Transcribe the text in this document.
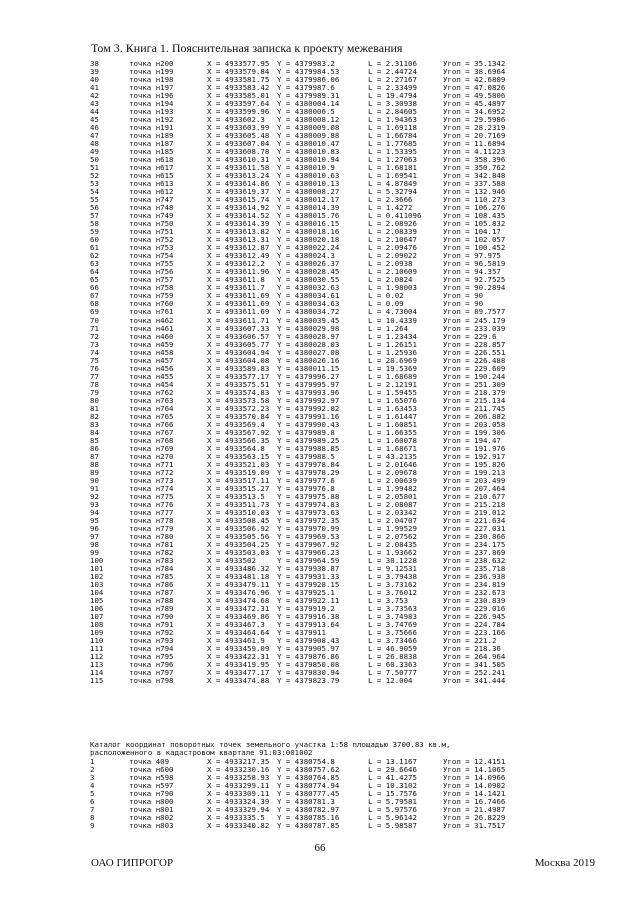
Том 3. Книга 1. Пояснительная записка к проекту межевания
38	точка н200	X = 4933577.95 Y = 4379983.2	L = 2.31106	Угол = 35.1342
39	точка н199	X = 4933579.84 Y = 4379984.53	L = 2.44724	Угол = 38.6964
40	точка н198	X = 4933581.75 Y = 4379986.06	L = 2.27167	Угол = 42.6809
41	точка н197	X = 4933583.42 Y = 4379987.6	L = 2.33499	Угол = 47.0826
42	точка н196	X = 4933585.01 Y = 4379989.31	L = 19.4794	Угол = 49.5806
43	точка н194	X = 4933597.64 Y = 4380004.14	L = 3.30938	Угол = 45.4897
44	точка н193	X = 4933599.96 Y = 4380006.5	L = 2.84605	Угол = 34.6952
45	точка н192	X = 4933602.3 Y = 4380008.12	L = 1.94363	Угол = 29.5986
46	точка н191	X = 4933603.99 Y = 4380009.08	L = 1.69118	Угол = 28.2319
47	точка н189	X = 4933605.48 Y = 4380009.88	L = 1.66784	Угол = 20.7169
48	точка н187	X = 4933607.04 Y = 4380010.47	L = 1.77685	Угол = 11.6894
49	точка н185	X = 4933608.78 Y = 4380010.83	L = 1.53395	Угол = 4.11223
50	точка н618	X = 4933610.31 Y = 4380010.94	L = 1.27063	Угол = 358.396
51	точка н617	X = 4933611.58 Y = 4380010.9	L = 1.68181	Угол = 350.762
52	точка н615	X = 4933613.24 Y = 4380010.63	L = 1.69541	Угол = 342.848
53	точка н613	X = 4933614.86 Y = 4380010.13	L = 4.87849	Угол = 337.588
54	точка н612	X = 4933619.37 Y = 4380008.27	L = 5.32794	Угол = 132.946
55	точка н747	X = 4933615.74 Y = 4380012.17	L = 2.3666	Угол = 110.273
56	точка н748	X = 4933614.92 Y = 4380014.39	L = 1.4272	Угол = 106.276
57	точка н749	X = 4933614.52 Y = 4380015.76	L = 0.411096	Угол = 108.435
58	точка н750	X = 4933614.39 Y = 4380016.15	L = 2.08926	Угол = 105.832
59	точка н751	X = 4933613.82 Y = 4380018.16	L = 2.08339	Угол = 104.17
60	точка н752	X = 4933613.31 Y = 4380020.18	L = 2.10647	Угол = 102.057
61	точка н753	X = 4933612.87 Y = 4380022.24	L = 2.09476	Угол = 100.452
62	точка н754	X = 4933612.49 Y = 4380024.3	L = 2.09022	Угол = 97.975
63	точка н755	X = 4933612.2 Y = 4380026.37	L = 2.0938	Угол = 96.5819
64	точка н756	X = 4933611.96 Y = 4380028.45	L = 2.10609	Угол = 94.357
65	точка н757	X = 4933611.8 Y = 4380030.55	L = 2.0824	Угол = 92.7525
66	точка н758	X = 4933611.7 Y = 4380032.63	L = 1.98003	Угол = 90.2894
67	точка н759	X = 4933611.69 Y = 4380034.61	L = 0.02	Угол = 90
68	точка н760	X = 4933611.69 Y = 4380034.63	L = 0.09	Угол = 90
69	точка н761	X = 4933611.69 Y = 4380034.72	L = 4.73004	Угол = 89.7577
70	точка н462	X = 4933611.71 Y = 4380039.45	L = 10.4339	Угол = 245.179
71	точка н461	X = 4933607.33 Y = 4380029.98	L = 1.264	Угол = 233.039
72	точка н460	X = 4933606.57 Y = 4380028.97	L = 1.23434	Угол = 229.6
73	точка н459	X = 4933605.77 Y = 4380028.03	L = 1.26151	Угол = 228.857
74	точка н458	X = 4933604.94 Y = 4380027.08	L = 1.25936	Угол = 226.551
75	точка н457	X = 4933604.08 Y = 4380026.16	L = 20.6969	Угол = 226.488
76	точка н456	X = 4933589.83 Y = 4380011.15	L = 19.5369	Угол = 229.609
77	точка н455	X = 4933577.17 Y = 4379996.27	L = 1.68689	Угол = 190.244
78	точка н454	X = 4933575.51 Y = 4379995.97	L = 2.12191	Угол = 251.309
79	точка н762	X = 4933574.83 Y = 4379993.96	L = 1.59455	Угол = 218.379
80	точка н763	X = 4933573.58 Y = 4379992.97	L = 1.65076	Угол = 215.134
81	точка н764	X = 4933572.23 Y = 4379992.02	L = 1.63453	Угол = 211.745
82	точка н765	X = 4933570.84 Y = 4379991.16	L = 1.61447	Угол = 206.882
83	точка н766	X = 4933569.4 Y = 4379990.43	L = 1.60851	Угол = 203.058
84	точка н767	X = 4933567.92 Y = 4379989.8	L = 1.66355	Угол = 199.306
85	точка н768	X = 4933566.35 Y = 4379989.25	L = 1.60078	Угол = 194.47
86	точка н769	X = 4933564.8 Y = 4379988.85	L = 1.68671	Угол = 191.976
87	точка н270	X = 4933563.15 Y = 4379988.5	L = 43.2135	Угол = 192.917
88	точка н771	X = 4933521.03 Y = 4379978.84	L = 2.01646	Угол = 195.826
89	точка н772	X = 4933519.09 Y = 4379978.29	L = 2.09678	Угол = 199.213
90	точка н773	X = 4933517.11 Y = 4379977.6	L = 2.00639	Угол = 203.499
91	точка н774	X = 4933515.27 Y = 4379976.8	L = 1.99482	Угол = 207.464
92	точка н775	X = 4933513.5 Y = 4379975.88	L = 2.05801	Угол = 210.677
93	точка н776	X = 4933511.73 Y = 4379974.83	L = 2.08087	Угол = 215.218
94	точка н777	X = 4933510.03 Y = 4379973.63	L = 2.03342	Угол = 219.012
95	точка н778	X = 4933508.45 Y = 4379972.35	L = 2.04707	Угол = 221.634
96	точка н779	X = 4933506.92 Y = 4379970.99	L = 1.99529	Угол = 227.031
97	точка н780	X = 4933505.56 Y = 4379969.53	L = 2.07562	Угол = 230.866
98	точка н781	X = 4933504.25 Y = 4379967.92	L = 2.08435	Угол = 234.175
99	точка н782	X = 4933503.03 Y = 4379966.23	L = 1.93662	Угол = 237.869
100	точка н783	X = 4933502	Y = 4379964.59	L = 30.1228	Угол = 238.632
101	точка н784	X = 4933486.32 Y = 4379938.87	L = 9.12531	Угол = 235.718
102	точка н785	X = 4933481.18 Y = 4379931.33	L = 3.79438	Угол = 236.938
103	точка н786	X = 4933479.11 Y = 4379928.15	L = 3.73162	Угол = 234.819
104	точка н787	X = 4933476.96 Y = 4379925.1	L = 3.76012	Угол = 232.673
105	точка н788	X = 4933474.68 Y = 4379922.11	L = 3.753	Угол = 230.839
106	точка н789	X = 4933472.31 Y = 4379919.2	L = 3.73563	Угол = 229.016
107	точка н790	X = 4933469.86 Y = 4379916.38	L = 3.74983	Угол = 226.945
108	точка н791	X = 4933467.3 Y = 4379913.64	L = 3.74769	Угол = 224.784
109	точка н792	X = 4933464.64 Y = 4379911	L = 3.75666	Угол = 223.166
110	точка н793	X = 4933461.9 Y = 4379908.43	L = 3.73466	Угол = 221.2
111	точка н794	X = 4933459.09 Y = 4379905.97	L = 46.9059	Угол = 218.36
112	точка н795	X = 4933422.31 Y = 4379876.86	L = 26.8838	Угол = 264.964
113	точка н796	X = 4933419.95 Y = 4379850.08	L = 60.3363	Угол = 341.505
114	точка н797	X = 4933477.17 Y = 4379830.94	L = 7.50777	Угол = 252.241
115	точка н798	X = 4933474.88 Y = 4379823.79	L = 12.004	Угол = 341.444
Каталог координат поворотных точек земельного участка 1:58 площадью 3700.83 кв.м,
расположенного в кадастровом квартале 91:03:001002
1	точка 409	X = 4933217.35 Y = 4380754.8	L = 13.1167	Угол = 12.4151
2	точка н600	X = 4933230.16 Y = 4380757.62	L = 29.6646	Угол = 14.1065
3	точка н598	X = 4933258.93 Y = 4380764.85	L = 41.4275	Угол = 14.0966
4	точка н597	X = 4933299.11 Y = 4380774.94	L = 10.3102	Угол = 14.0902
5	точка н790	X = 4933309.11 Y = 4380777.45	L = 15.7576	Угол = 14.1421
6	точка н800	X = 4933324.39 Y = 4380781.3	L = 5.79581	Угол = 16.7466
7	точка н801	X = 4933329.94 Y = 4380782.97	L = 5.97576	Угол = 21.4987
8	точка н802	X = 4933335.5 Y = 4380785.16	L = 5.96142	Угол = 26.8229
9	точка н803	X = 4933340.82 Y = 4380787.85	L = 5.98587	Угол = 31.7517
66
ОАО ГИПРОГОР	Москва 2019
